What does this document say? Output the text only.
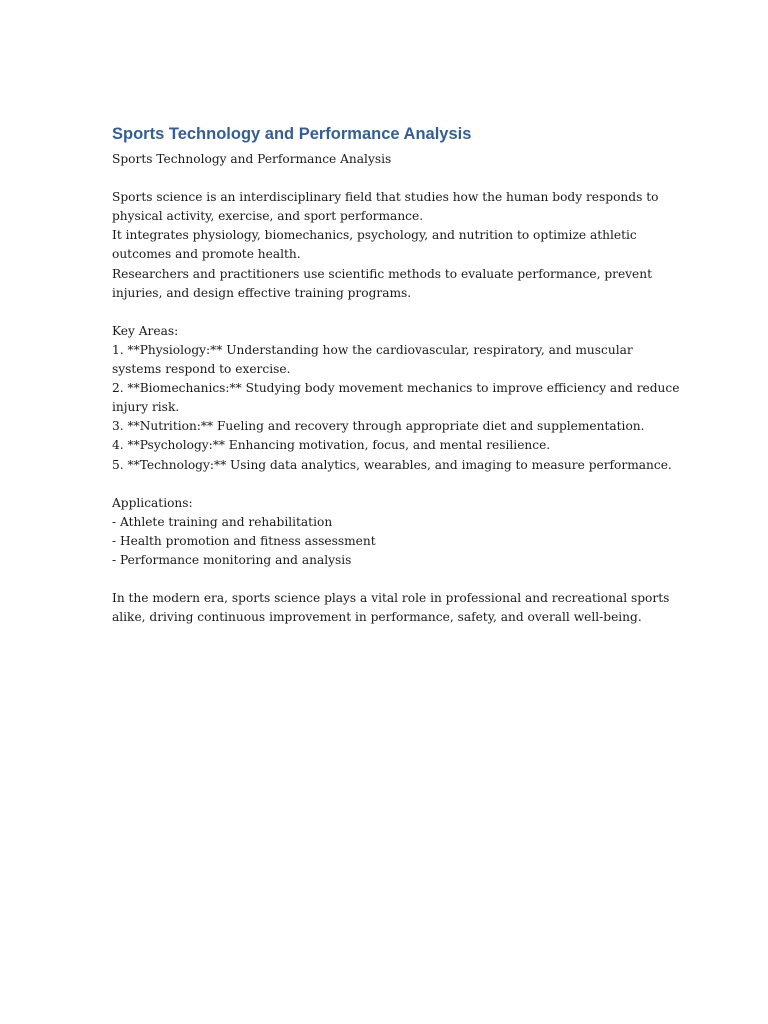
Sports Technology and Performance Analysis
Sports Technology and Performance Analysis
Sports science is an interdisciplinary field that studies how the human body responds to
physical activity, exercise, and sport performance.
It integrates physiology, biomechanics, psychology, and nutrition to optimize athletic
outcomes and promote health.
Researchers and practitioners use scientific methods to evaluate performance, prevent
injuries, and design effective training programs.
Key Areas:
1. **Physiology:** Understanding how the cardiovascular, respiratory, and muscular
systems respond to exercise.
2. **Biomechanics:** Studying body movement mechanics to improve efficiency and reduce
injury risk.
3. **Nutrition:** Fueling and recovery through appropriate diet and supplementation.
4. **Psychology:** Enhancing motivation, focus, and mental resilience.
5. **Technology:** Using data analytics, wearables, and imaging to measure performance.
Applications:
- Athlete training and rehabilitation
- Health promotion and fitness assessment
- Performance monitoring and analysis
In the modern era, sports science plays a vital role in professional and recreational sports
alike, driving continuous improvement in performance, safety, and overall well-being.
